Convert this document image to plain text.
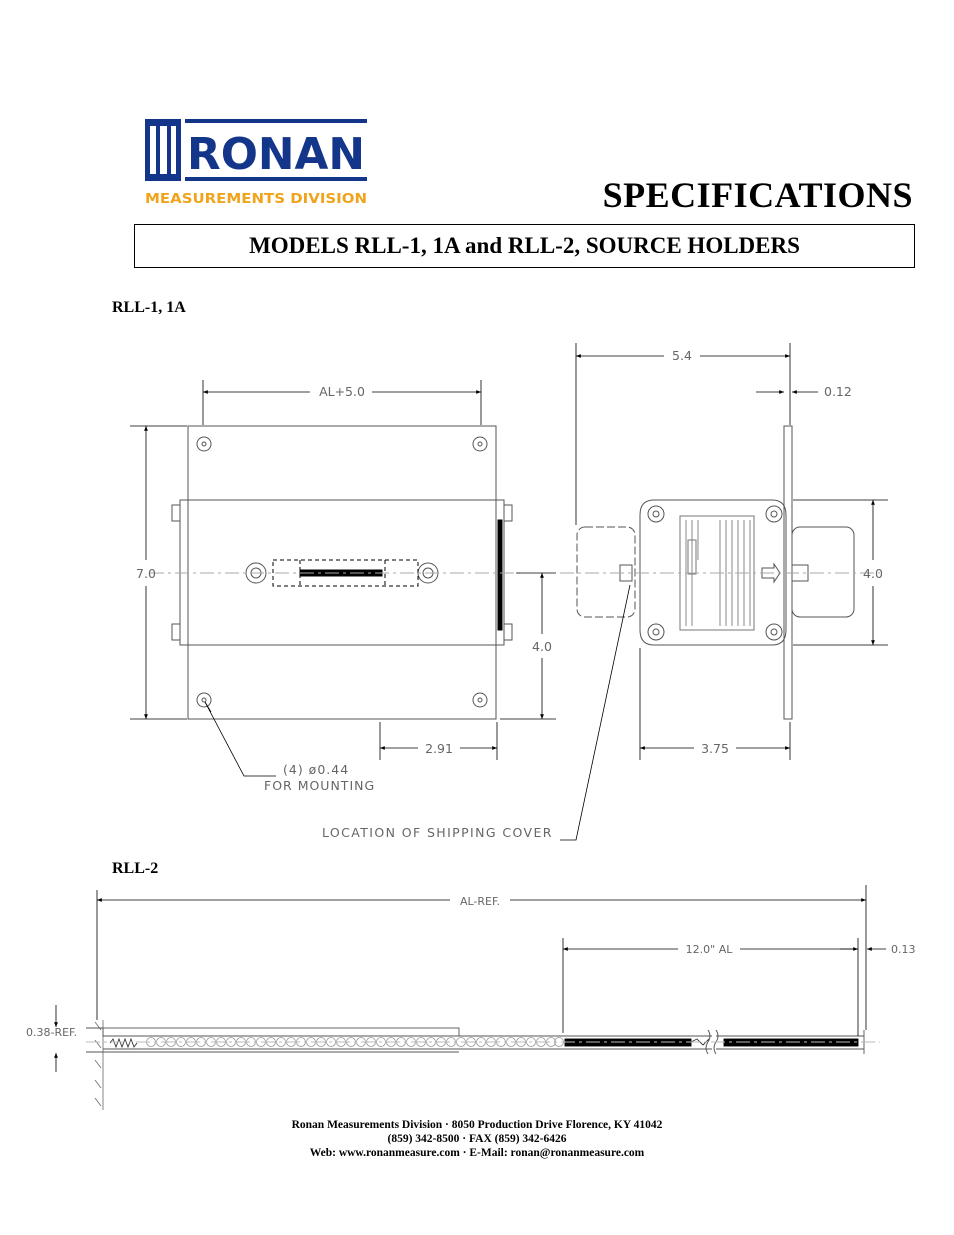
RONAN
MEASUREMENTS DIVISION	SPECIFICATIONS
MODELS RLL-1, 1A and RLL-2, SOURCE HOLDERS

RLL-1, 1A

RLL-2

AL+5.0
7.0
5.4
0.12
4.0
4.0
2.91	3.75
(4) ø0.44
FOR MOUNTING
LOCATION OF SHIPPING COVER
AL-REF.
12.0" AL	0.13
0.38-REF.
Ronan Measurements Division · 8050 Production Drive Florence, KY 41042
(859) 342-8500 · FAX (859) 342-6426
Web: www.ronanmeasure.com · E-Mail: ronan@ronanmeasure.com
